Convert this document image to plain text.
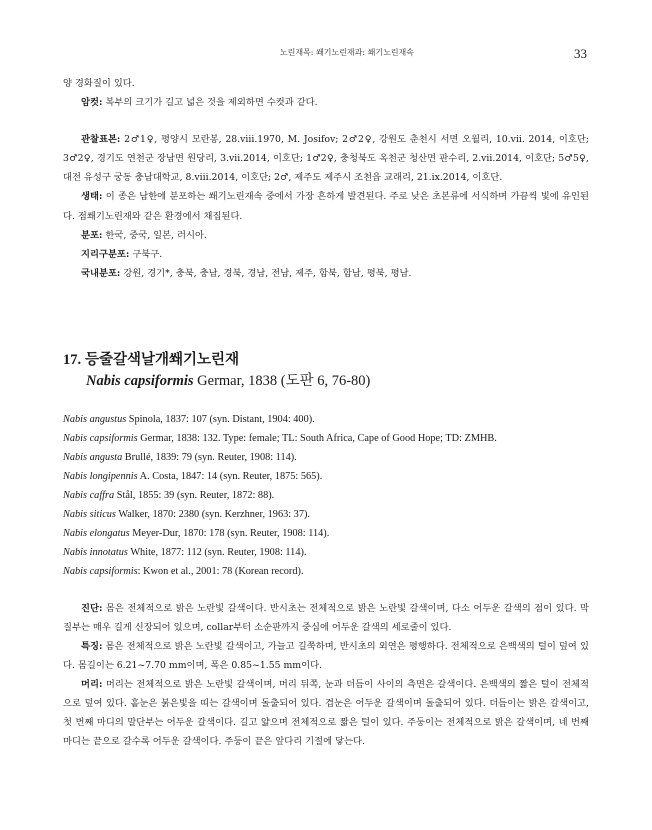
노린재목: 쐐기노린재과: 쐐기노린재속	33

양 경화질이 있다.

암컷: 복부의 크기가 길고 넓은 것을 제외하면 수컷과 같다.

관찰표본: 2♂1♀, 평양시 모란봉, 28.viii.1970, M. Josifov; 2♂2♀, 강원도 춘천시 서면 오월리, 10.vii. 2014, 이호단; 3♂2♀, 경기도 연천군 장남면 원당리, 3.vii.2014, 이호단; 1♂2♀, 충청북도 옥천군 청산면 판수리, 2.vii.2014, 이호단; 5♂5♀, 대전 유성구 궁동 충남대학교, 8.viii.2014, 이호단; 2♂, 제주도 제주시 조천읍 교래리, 21.ix.2014, 이호단.

생태: 이 종은 남한에 분포하는 쐐기노린재속 중에서 가장 흔하게 발견된다. 주로 낮은 초본류에 서식하며 가끔씩 빛에 유인된다. 점쐐기노린재와 같은 환경에서 채집된다.

분포: 한국, 중국, 일본, 러시아.

지리구분포: 구북구.

국내분포: 강원, 경기*, 충북, 충남, 경북, 경남, 전남, 제주, 함북, 함남, 평북, 평남.

17. 등줄갈색날개쐐기노린재
Nabis capsiformis Germar, 1838 (도판 6, 76-80)

Nabis angustus Spinola, 1837: 107 (syn. Distant, 1904: 400).

Nabis capsiformis Germar, 1838: 132. Type: female; TL: South Africa, Cape of Good Hope; TD: ZMHB.

Nabis angusta Brullé, 1839: 79 (syn. Reuter, 1908: 114).

Nabis longipennis A. Costa, 1847: 14 (syn. Reuter, 1875: 565).

Nabis caffra Stål, 1855: 39 (syn. Reuter, 1872: 88).

Nabis siticus Walker, 1870: 2380 (syn. Kerzhner, 1963: 37).

Nabis elongatus Meyer-Dur, 1870: 178 (syn. Reuter, 1908: 114).

Nabis innotatus White, 1877: 112 (syn. Reuter, 1908: 114).

Nabis capsiformis: Kwon et al., 2001: 78 (Korean record).

진단: 몸은 전체적으로 밝은 노란빛 갈색이다. 반시초는 전체적으로 밝은 노란빛 갈색이며, 다소 어두운 갈색의 점이 있다. 막질부는 매우 길게 신장되어 있으며, collar부터 소순판까지 중심에 어두운 갈색의 세로줄이 있다.

특징: 몸은 전체적으로 밝은 노란빛 갈색이고, 가늘고 길쭉하며, 반시초의 외연은 평행하다. 전체적으로 은백색의 털이 덮여 있다. 몸길이는 6.21~7.70 mm이며, 폭은 0.85~1.55 mm이다.

머리: 머리는 전체적으로 밝은 노란빛 갈색이며, 머리 뒤쪽, 눈과 더듬이 사이의 측면은 갈색이다. 은백색의 짧은 털이 전체적으로 덮여 있다. 홑눈은 붉은빛을 띠는 갈색이며 돌출되어 있다. 겹눈은 어두운 갈색이며 돌출되어 있다. 더듬이는 밝은 갈색이고, 첫 번째 마디의 말단부는 어두운 갈색이다. 길고 얇으며 전체적으로 짧은 털이 있다. 주둥이는 전체적으로 밝은 갈색이며, 네 번째 마디는 끝으로 갈수록 어두운 갈색이다. 주둥이 끝은 앞다리 기절에 닿는다.
